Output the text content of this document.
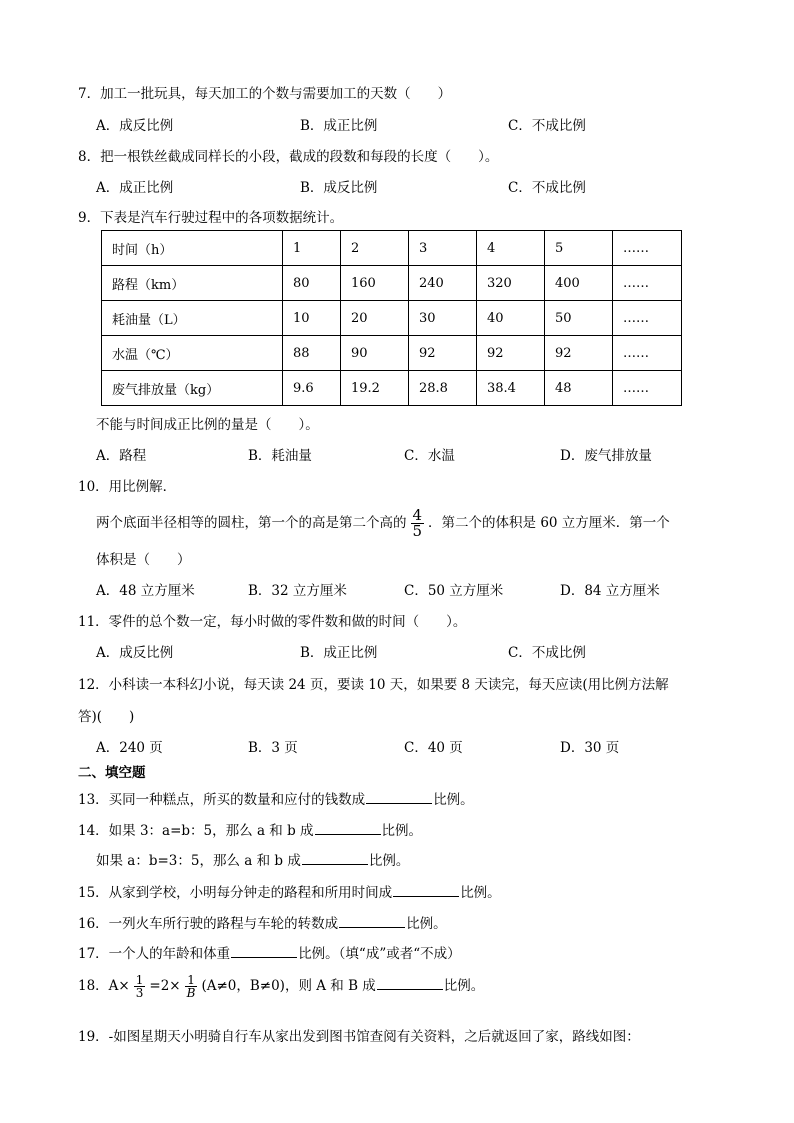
7．加工一批玩具，每天加工的个数与需要加工的天数（　　）
A．成反比例	B．成正比例	C．不成比例
8．把一根铁丝截成同样长的小段，截成的段数和每段的长度（　　）。
A．成正比例	B．成反比例	C．不成比例
9．下表是汽车行驶过程中的各项数据统计。
时间（h）	1	2	3	4	5	……
路程（km）	80	160	240	320	400	……
耗油量（L）	10	20	30	40	50	……
水温（℃）	88	90	92	92	92	……
废气排放量（kg）	9.6	19.2	28.8	38.4	48	……
不能与时间成正比例的量是（　　）。
A．路程	B．耗油量	C．水温	D．废气排放量
10．用比例解．
两个底面半径相等的圆柱，第一个的高是第二个高的 $\frac{4}{5}$ ．第二个的体积是 60 立方厘米．第一个
体积是（　　）
A．48 立方厘米	B．32 立方厘米	C．50 立方厘米	D．84 立方厘米
11．零件的总个数一定，每小时做的零件数和做的时间（　　）。
A．成反比例	B．成正比例	C．不成比例
12．小科读一本科幻小说，每天读 24 页，要读 10 天，如果要 8 天读完，每天应读(用比例方法解
答)(　　)
A．240 页	B．3 页	C．40 页	D．30 页
二、填空题
13．买同一种糕点，所买的数量和应付的钱数成	比例。
14．如果 3：a=b：5，那么 a 和 b 成	比例。
如果 a：b=3：5，那么 a 和 b 成	比例。
15．从家到学校，小明每分钟走的路程和所用时间成	比例。
16．一列火车所行驶的路程与车轮的转数成	比例。
17．一个人的年龄和体重	比例。（填“成”或者“不成）
18．$A\times \frac{1}{3} =2\times \frac{1}{B} (A\ne 0$，B≠0)，则 A 和 B 成	比例。
19．-如图星期天小明骑自行车从家出发到图书馆查阅有关资料，之后就返回了家，路线如图：
